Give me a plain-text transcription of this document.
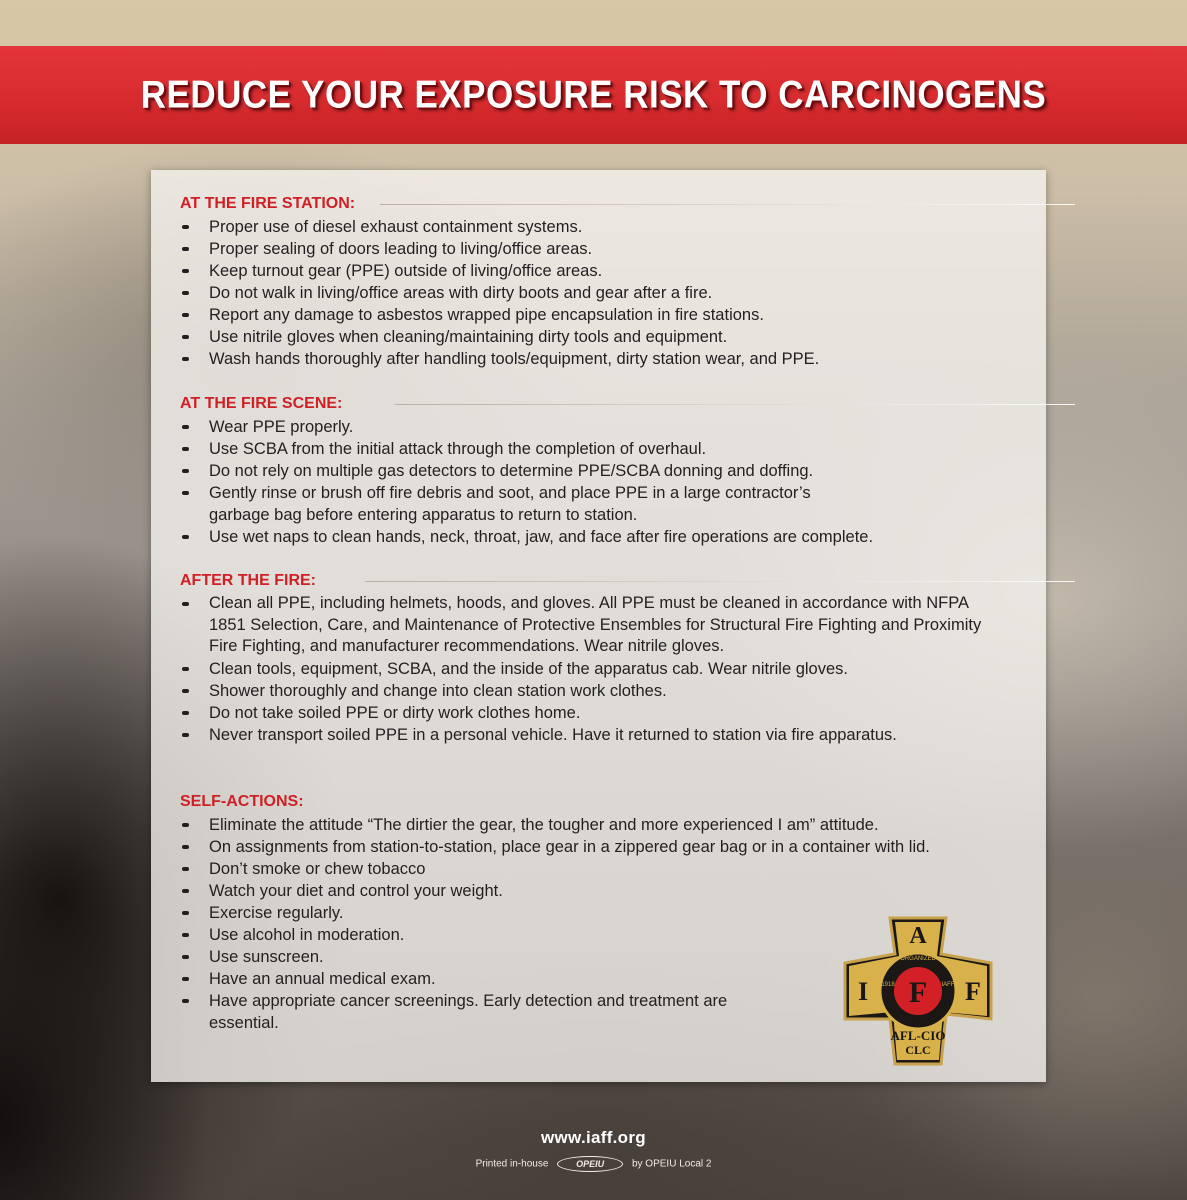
REDUCE YOUR EXPOSURE RISK TO CARCINOGENS
AT THE FIRE STATION:
Proper use of diesel exhaust containment systems.
Proper sealing of doors leading to living/office areas.
Keep turnout gear (PPE) outside of living/office areas.
Do not walk in living/office areas with dirty boots and gear after a fire.
Report any damage to asbestos wrapped pipe encapsulation in fire stations.
Use nitrile gloves when cleaning/maintaining dirty tools and equipment.
Wash hands thoroughly after handling tools/equipment, dirty station wear, and PPE.
AT THE FIRE SCENE:
Wear PPE properly.
Use SCBA from the initial attack through the completion of overhaul.
Do not rely on multiple gas detectors to determine PPE/SCBA donning and doffing.
Gently rinse or brush off fire debris and soot, and place PPE in a large contractor’s garbage bag before entering apparatus to return to station.
Use wet naps to clean hands, neck, throat, jaw, and face after fire operations are complete.
AFTER THE FIRE:
Clean all PPE, including helmets, hoods, and gloves. All PPE must be cleaned in accordance with NFPA 1851 Selection, Care, and Maintenance of Protective Ensembles for Structural Fire Fighting and Proximity Fire Fighting, and manufacturer recommendations. Wear nitrile gloves.
Clean tools, equipment, SCBA, and the inside of the apparatus cab. Wear nitrile gloves.
Shower thoroughly and change into clean station work clothes.
Do not take soiled PPE or dirty work clothes home.
Never transport soiled PPE in a personal vehicle. Have it returned to station via fire apparatus.
SELF-ACTIONS:
Eliminate the attitude “The dirtier the gear, the tougher and more experienced I am” attitude.
On assignments from station-to-station, place gear in a zippered gear bag or in a container with lid.
Don’t smoke or chew tobacco
Watch your diet and control your weight.
Exercise regularly.
Use alcohol in moderation.
Use sunscreen.
Have an annual medical exam.
Have appropriate cancer screenings. Early detection and treatment are essential.
A
I F F
ORGANIZED
1918	IAFF
AFL-CIO
CLC
www.iaff.org
Printed in-house	OPEIU	by OPEIU Local 2
